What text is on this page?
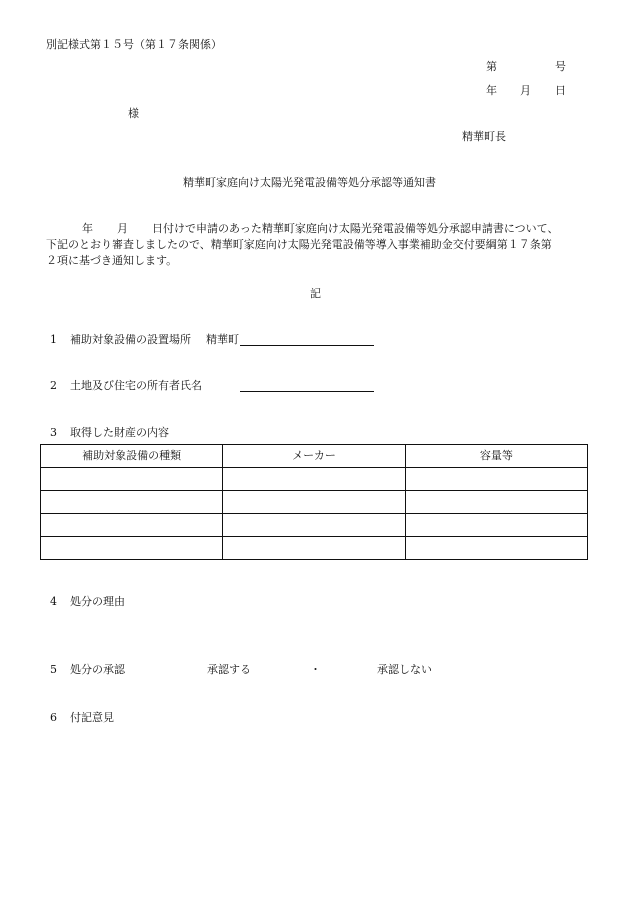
別記様式第１５号（第１７条関係）
第	号
年 月 日
様
精華町長
精華町家庭向け太陽光発電設備等処分承認等通知書
年 月 日付けで申請のあった精華町家庭向け太陽光発電設備等処分承認申請書について、
下記のとおり審査しましたので、精華町家庭向け太陽光発電設備等導入事業補助金交付要綱第１７条第
２項に基づき通知します。
記
1 補助対象設備の設置場所 精華町
2 土地及び住宅の所有者氏名
3 取得した財産の内容
補助対象設備の種類	メーカー	容量等

4 処分の理由
5 処分の承認	承認する	・	承認しない
6 付記意見
